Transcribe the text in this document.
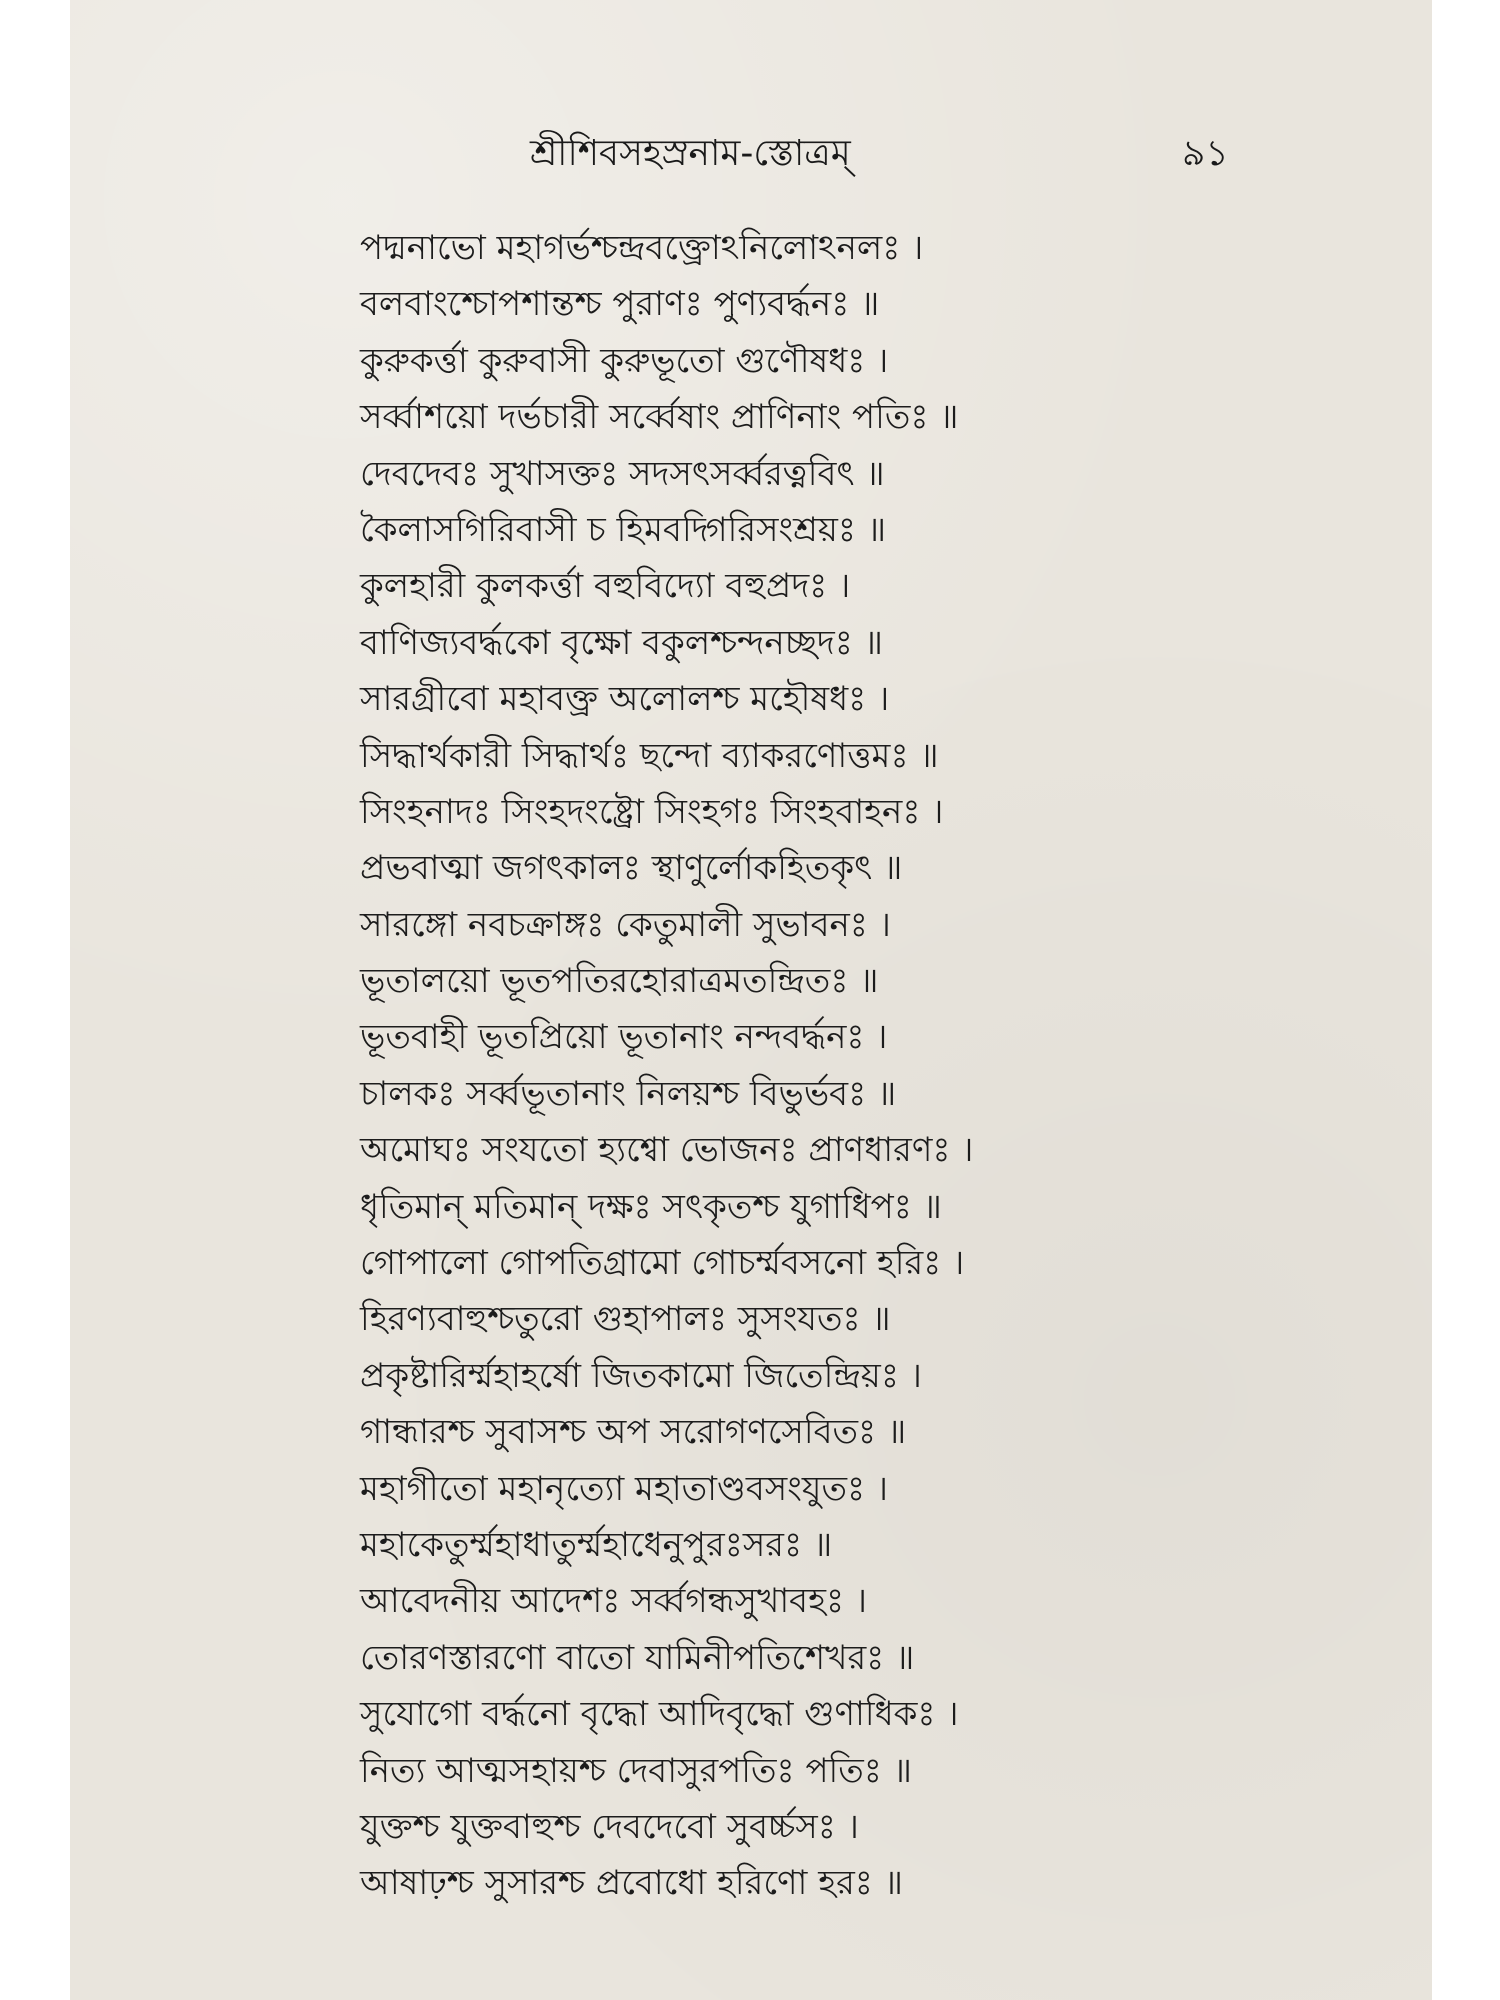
শ্রীশিবসহস্রনাম-স্তোত্রম্	৯১
পদ্মনাভো মহাগর্ভশ্চন্দ্রবক্ত্রোঽনিলোঽনলঃ ।
বলবাংশ্চোপশান্তশ্চ পুরাণঃ পুণ্যবর্দ্ধনঃ ॥
কুরুকর্ত্তা কুরুবাসী কুরুভূতো গুণৌষধঃ ।
সর্ব্বাশয়ো দর্ভচারী সর্ব্বেষাং প্রাণিনাং পতিঃ ॥
দেবদেবঃ সুখাসক্তঃ সদসৎসর্ব্বরত্নবিৎ ॥
কৈলাসগিরিবাসী চ হিমবদ্গিরিসংশ্রয়ঃ ॥
কুলহারী কুলকর্ত্তা বহুবিদ্যো বহুপ্রদঃ ।
বাণিজ্যবর্দ্ধকো বৃক্ষো বকুলশ্চন্দনচ্ছদঃ ॥
সারগ্রীবো মহাবক্ত্র অলোলশ্চ মহৌষধঃ ।
সিদ্ধার্থকারী সিদ্ধার্থঃ ছন্দো ব্যাকরণোত্তমঃ ॥
সিংহনাদঃ সিংহদংষ্ট্রো সিংহগঃ সিংহবাহনঃ ।
প্রভবাত্মা জগৎকালঃ স্থাণুর্লোকহিতকৃৎ ॥
সারঙ্গো নবচক্রাঙ্গঃ কেতুমালী সুভাবনঃ ।
ভূতালয়ো ভূতপতিরহোরাত্রমতন্দ্রিতঃ ॥
ভূতবাহী ভূতপ্রিয়ো ভূতানাং নন্দবর্দ্ধনঃ ।
চালকঃ সর্ব্বভূতানাং নিলয়শ্চ বিভুর্ভবঃ ॥
অমোঘঃ সংযতো হ্যশ্বো ভোজনঃ প্রাণধারণঃ ।
ধৃতিমান্ মতিমান্ দক্ষঃ সৎকৃতশ্চ যুগাধিপঃ ॥
গোপালো গোপতিগ্রামো গোচর্ম্মবসনো হরিঃ ।
হিরণ্যবাহুশ্চতুরো গুহাপালঃ সুসংযতঃ ॥
প্রকৃষ্টারির্ম্মহাহর্ষো জিতকামো জিতেন্দ্রিয়ঃ ।
গান্ধারশ্চ সুবাসশ্চ অপ সরোগণসেবিতঃ ॥
মহাগীতো মহানৃত্যো মহাতাণ্ডবসংযুতঃ ।
মহাকেতুর্ম্মহাধাতুর্ম্মহাধেনুপুরঃসরঃ ॥
আবেদনীয় আদেশঃ সর্ব্বগন্ধসুখাবহঃ ।
তোরণস্তারণো বাতো যামিনীপতিশেখরঃ ॥
সুযোগো বর্দ্ধনো বৃদ্ধো আদিবৃদ্ধো গুণাধিকঃ ।
নিত্য আত্মসহায়শ্চ দেবাসুরপতিঃ পতিঃ ॥
যুক্তশ্চ যুক্তবাহুশ্চ দেবদেবো সুবর্চ্চসঃ ।
আষাঢ়শ্চ সুসারশ্চ প্রবোধো হরিণো হরঃ ॥
